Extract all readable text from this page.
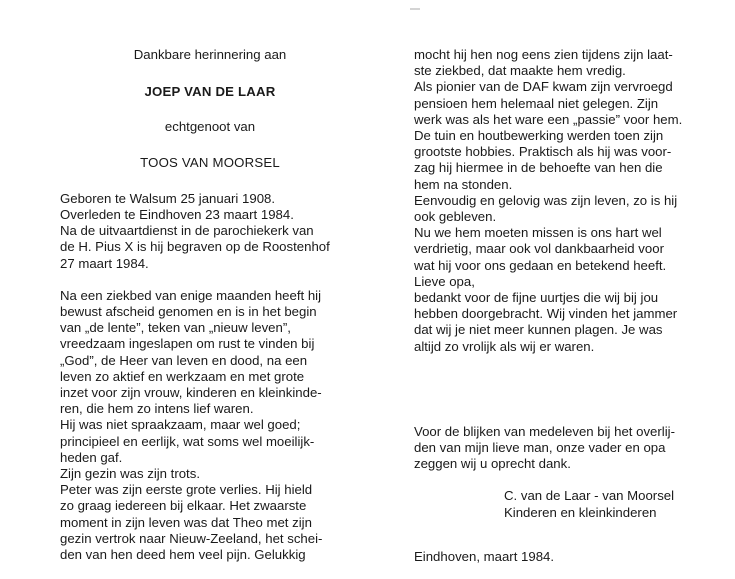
Dankbare herinnering aan

JOEP VAN DE LAAR

echtgenoot van

TOOS VAN MOORSEL

Geboren te Walsum 25 januari 1908.

Overleden te Eindhoven 23 maart 1984.

Na de uitvaartdienst in de parochiekerk van

de H. Pius X is hij begraven op de Roostenhof

27 maart 1984.

Na een ziekbed van enige maanden heeft hij

bewust afscheid genomen en is in het begin

van „de lente”, teken van „nieuw leven”,

vreedzaam ingeslapen om rust te vinden bij

„God”, de Heer van leven en dood, na een

leven zo aktief en werkzaam en met grote

inzet voor zijn vrouw, kinderen en kleinkinde-

ren, die hem zo intens lief waren.

Hij was niet spraakzaam, maar wel goed;

principieel en eerlijk, wat soms wel moeilijk-

heden gaf.

Zijn gezin was zijn trots.

Peter was zijn eerste grote verlies. Hij hield

zo graag iedereen bij elkaar. Het zwaarste

moment in zijn leven was dat Theo met zijn

gezin vertrok naar Nieuw-Zeeland, het schei-

den van hen deed hem veel pijn. Gelukkig

mocht hij hen nog eens zien tijdens zijn laat-

ste ziekbed, dat maakte hem vredig.

Als pionier van de DAF kwam zijn vervroegd

pensioen hem helemaal niet gelegen. Zijn

werk was als het ware een „passie” voor hem.

De tuin en houtbewerking werden toen zijn

grootste hobbies. Praktisch als hij was voor-

zag hij hiermee in de behoefte van hen die

hem na stonden.

Eenvoudig en gelovig was zijn leven, zo is hij

ook gebleven.

Nu we hem moeten missen is ons hart wel

verdrietig, maar ook vol dankbaarheid voor

wat hij voor ons gedaan en betekend heeft.

Lieve opa,

bedankt voor de fijne uurtjes die wij bij jou

hebben doorgebracht. Wij vinden het jammer

dat wij je niet meer kunnen plagen. Je was

altijd zo vrolijk als wij er waren.

Voor de blijken van medeleven bij het overlij-

den van mijn lieve man, onze vader en opa

zeggen wij u oprecht dank.

C. van de Laar - van Moorsel

Kinderen en kleinkinderen

Eindhoven, maart 1984.
